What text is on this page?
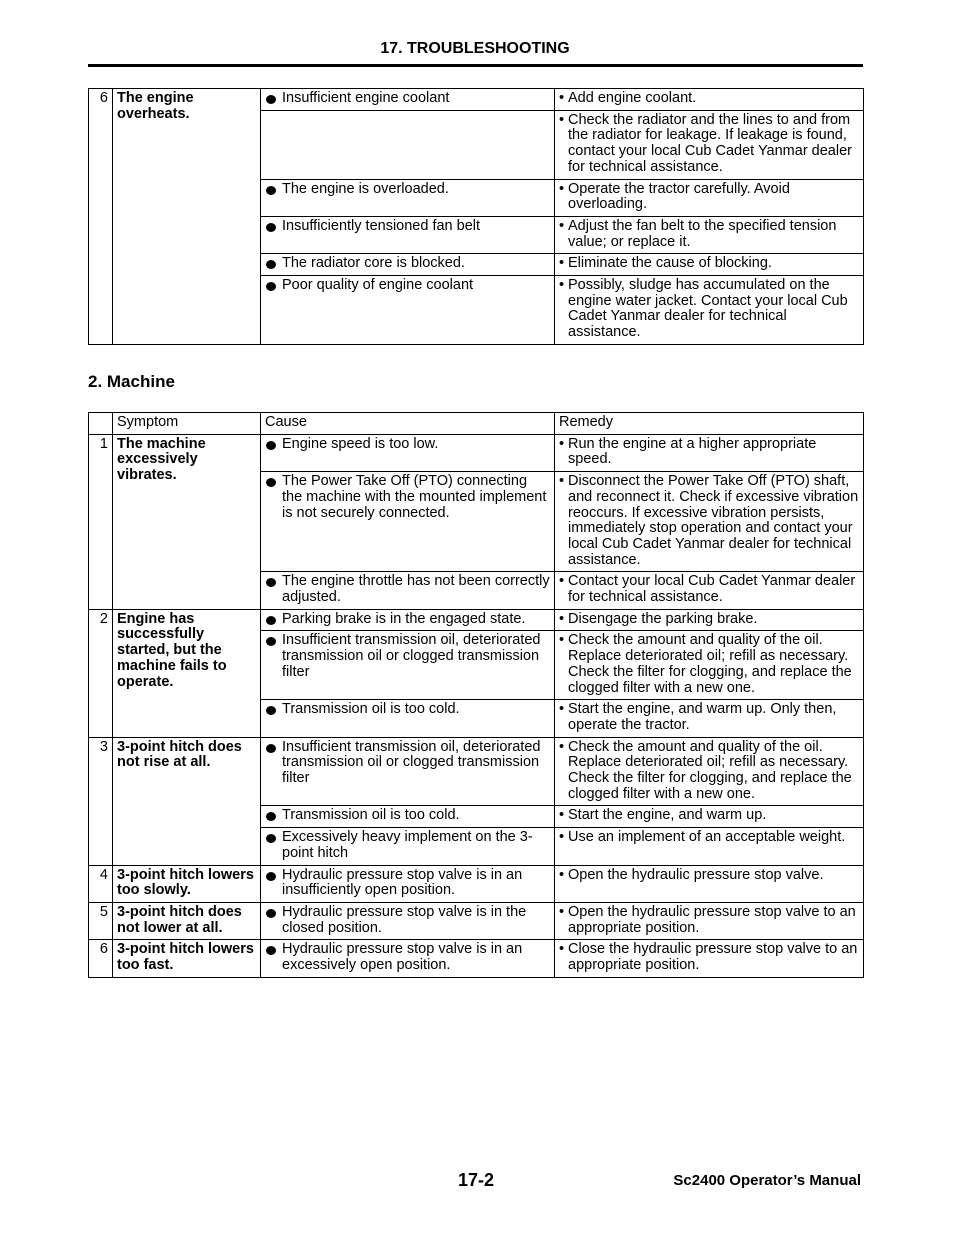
17. TROUBLESHOOTING
6	The engine overheats.	Insufficient engine coolant	• Add engine coolant.

			• Check the radiator and the lines to and from the radiator for leakage. If leakage is found, contact your local Cub Cadet Yanmar dealer for technical assistance.

		The engine is overloaded.	• Operate the tractor carefully. Avoid overloading.

		Insufficiently tensioned fan belt	• Adjust the fan belt to the specified tension value; or replace it.

		The radiator core is blocked.	• Eliminate the cause of blocking.

		Poor quality of engine coolant	• Possibly, sludge has accumulated on the engine water jacket. Contact your local Cub Cadet Yanmar dealer for technical assistance.
2. Machine
	Symptom	Cause	Remedy
1	The machine excessively vibrates.	Engine speed is too low.	• Run the engine at a higher appropriate speed.

		The Power Take Off (PTO) connecting the machine with the mounted implement is not securely connected.	• Disconnect the Power Take Off (PTO) shaft, and reconnect it. Check if excessive vibration reoccurs. If excessive vibration persists, immediately stop operation and contact your local Cub Cadet Yanmar dealer for technical assistance.

		The engine throttle has not been correctly adjusted.	• Contact your local Cub Cadet Yanmar dealer for technical assistance.

2	Engine has successfully started, but the machine fails to operate.	Parking brake is in the engaged state.	• Disengage the parking brake.

		Insufficient transmission oil, deteriorated transmission oil or clogged transmission filter	• Check the amount and quality of the oil. Replace deteriorated oil; refill as necessary. Check the filter for clogging, and replace the clogged filter with a new one.

		Transmission oil is too cold.	• Start the engine, and warm up. Only then, operate the tractor.

3	3-point hitch does not rise at all.	Insufficient transmission oil, deteriorated transmission oil or clogged transmission filter	• Check the amount and quality of the oil. Replace deteriorated oil; refill as necessary. Check the filter for clogging, and replace the clogged filter with a new one.

		Transmission oil is too cold.	• Start the engine, and warm up.

		Excessively heavy implement on the 3-point hitch	• Use an implement of an acceptable weight.

4	3-point hitch lowers too slowly.	Hydraulic pressure stop valve is in an insufficiently open position.	• Open the hydraulic pressure stop valve.

5	3-point hitch does not lower at all.	Hydraulic pressure stop valve is in the closed position.	• Open the hydraulic pressure stop valve to an appropriate position.

6	3-point hitch lowers too fast.	Hydraulic pressure stop valve is in an excessively open position.	• Close the hydraulic pressure stop valve to an appropriate position.
17-2	Sc2400 Operator’s Manual
